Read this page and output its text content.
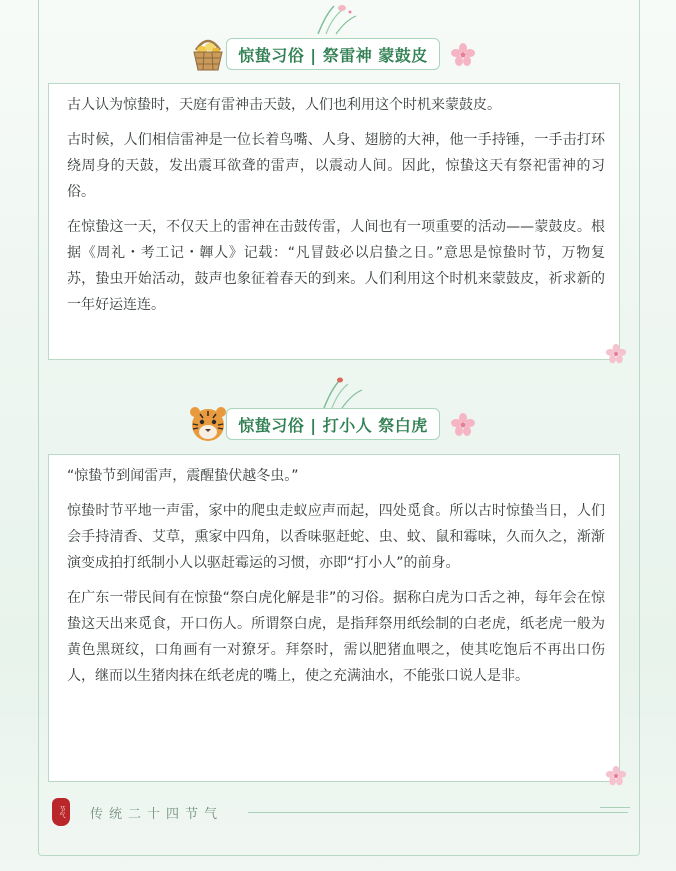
惊蛰习俗 | 祭雷神 蒙鼓皮

古人认为惊蛰时，天庭有雷神击天鼓，人们也利用这个时机来蒙鼓皮。

古时候，人们相信雷神是一位长着鸟嘴、人身、翅膀的大神，他一手持锤，一手击打环绕周身的天鼓，发出震耳欲聋的雷声，以震动人间。因此，惊蛰这天有祭祀雷神的习俗。

在惊蛰这一天，不仅天上的雷神在击鼓传雷，人间也有一项重要的活动——蒙鼓皮。根据《周礼・考工记・韗人》记载：“凡冒鼓必以启蛰之日。”意思是惊蛰时节，万物复苏，蛰虫开始活动，鼓声也象征着春天的到来。人们利用这个时机来蒙鼓皮，祈求新的一年好运连连。

惊蛰习俗 | 打小人 祭白虎

“惊蛰节到闻雷声，震醒蛰伏越冬虫。”

惊蛰时节平地一声雷，家中的爬虫走蚁应声而起，四处觅食。所以古时惊蛰当日，人们会手持清香、艾草，熏家中四角，以香味驱赶蛇、虫、蚊、鼠和霉味，久而久之，渐渐演变成拍打纸制小人以驱赶霉运的习惯，亦即“打小人”的前身。

在广东一带民间有在惊蛰“祭白虎化解是非”的习俗。据称白虎为口舌之神，每年会在惊蛰这天出来觅食，开口伤人。所谓祭白虎，是指拜祭用纸绘制的白老虎，纸老虎一般为黄色黑斑纹，口角画有一对獠牙。拜祭时，需以肥猪血喂之，使其吃饱后不再出口伤人，继而以生猪肉抹在纸老虎的嘴上，使之充满油水，不能张口说人是非。

节气	传统二十四节气
